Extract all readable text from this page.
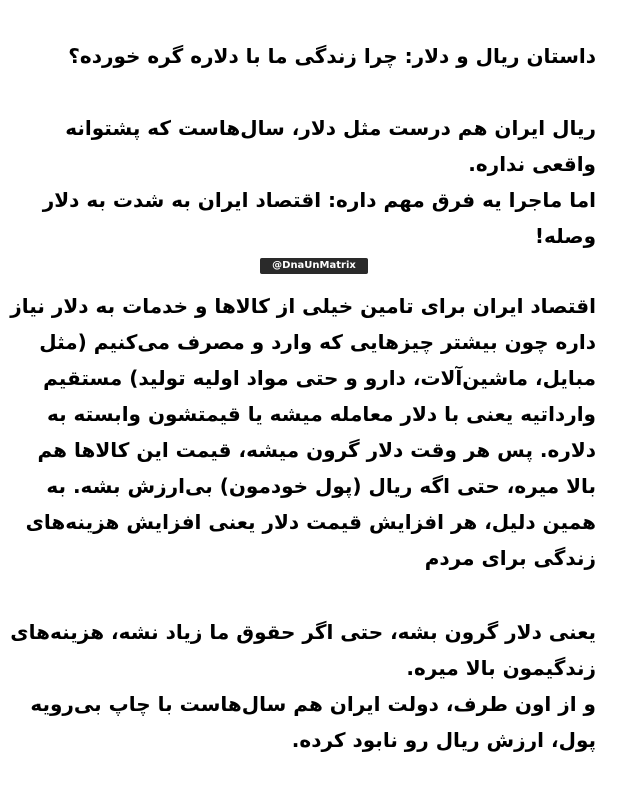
داستان ریال و دلار: چرا زندگی ما با دلاره گره خورده؟
ریال ایران هم درست مثل دلار، سال‌هاست که پشتوانه
واقعی نداره.
اما ماجرا یه فرق مهم داره: اقتصاد ایران به شدت به دلار
وصله!
@DnaUnMatrix
اقتصاد ایران برای تامین خیلی از کالاها و خدمات به دلار نیاز
داره چون بیشتر چیزهایی که وارد و مصرف می‌کنیم (مثل
مبایل، ماشین‌آلات، دارو و حتی مواد اولیه تولید) مستقیم
وارداتیه یعنی با دلار معامله میشه یا قیمتشون وابسته به
دلاره. پس هر وقت دلار گرون میشه، قیمت این کالاها هم
بالا میره، حتی اگه ریال (پول خودمون) بی‌ارزش بشه. به
همین دلیل، هر افزایش قیمت دلار یعنی افزایش هزینه‌های
زندگی برای مردم
یعنی دلار گرون بشه، حتی اگر حقوق ما زیاد نشه، هزینه‌های
زندگیمون بالا میره.
و از اون طرف، دولت ایران هم سال‌هاست با چاپ بی‌رویه
پول، ارزش ریال رو نابود کرده.
